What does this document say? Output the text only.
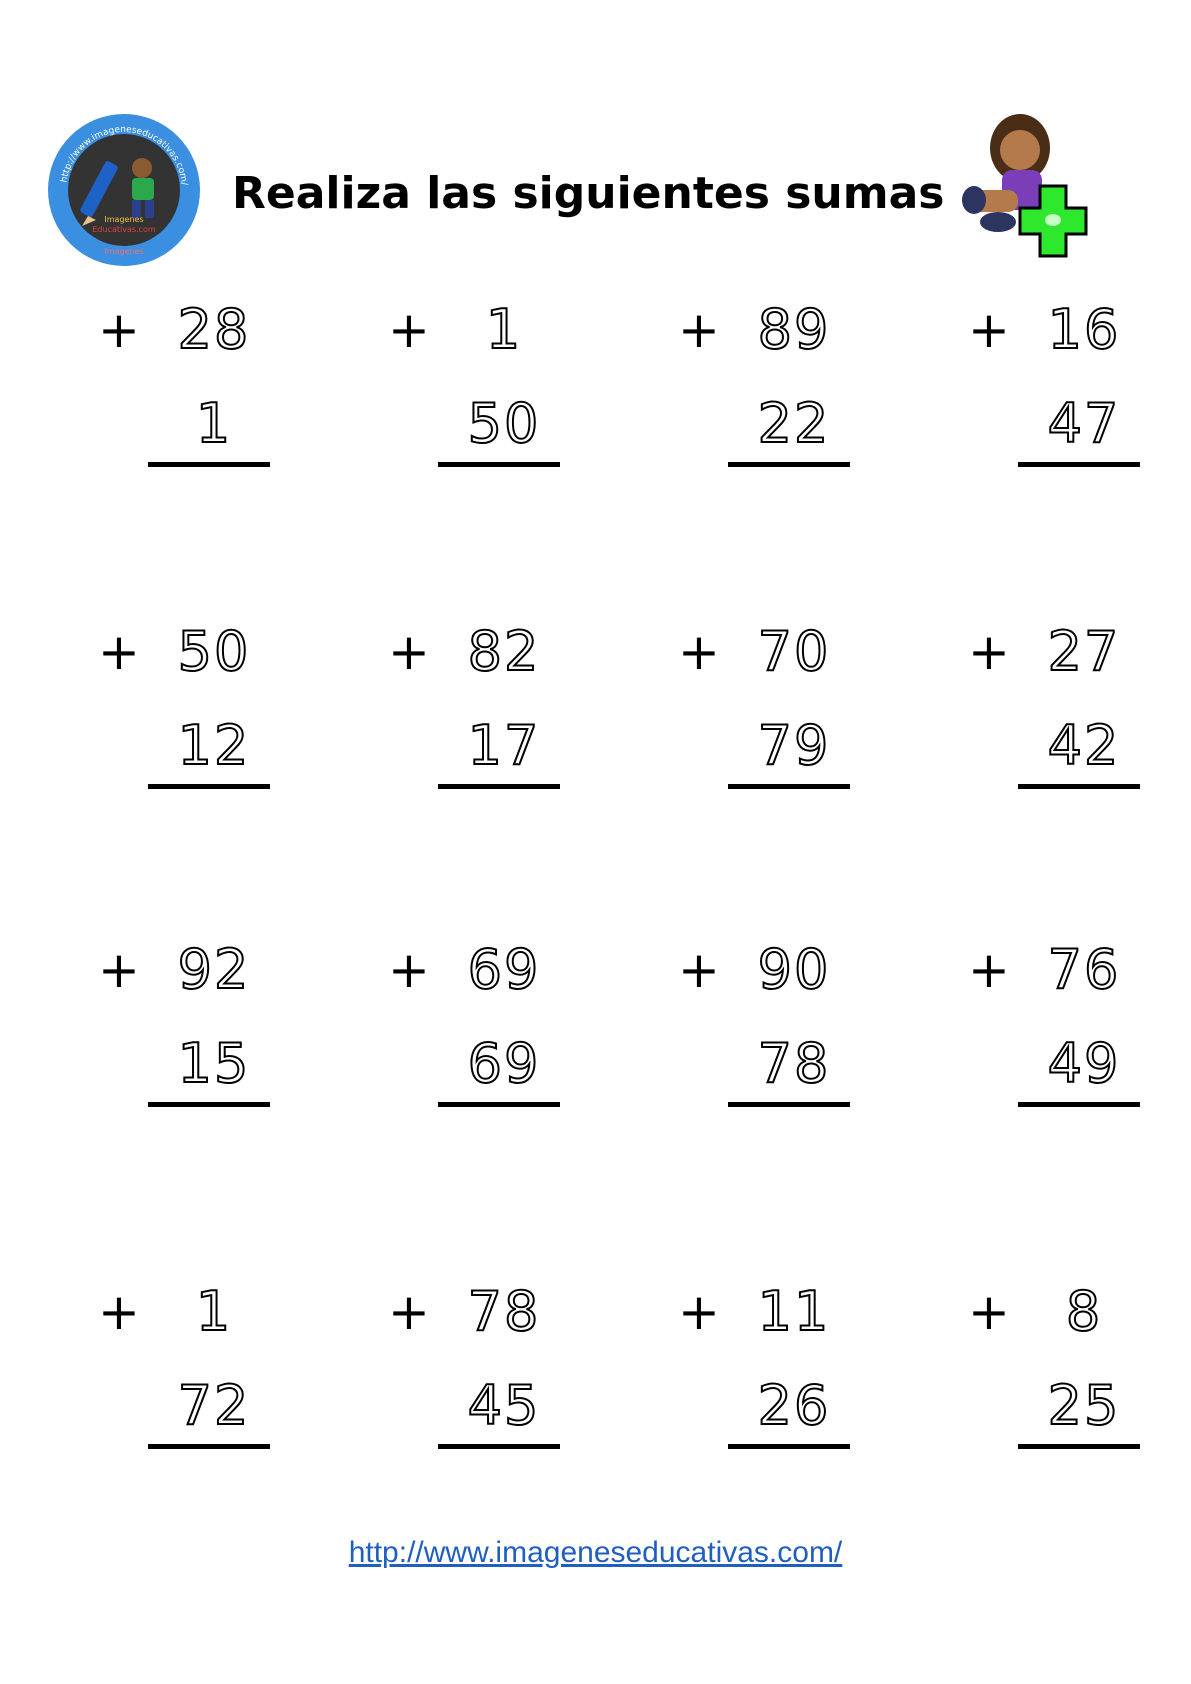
http://www.imageneseducativas.com/
Imagenes
Educativas.com
Imagenes
Realiza las siguientes sumas
+ 28
1
+	1
50
+ 89
22
+ 16
47
+ 50
12
+ 82
17
+ 70
79
+ 27
42
+ 92
15
+ 69
69
+ 90
78
+ 76
49
+	1
72
+ 78
45
+ 11
26
+	8
25
http://www.imageneseducativas.com/
